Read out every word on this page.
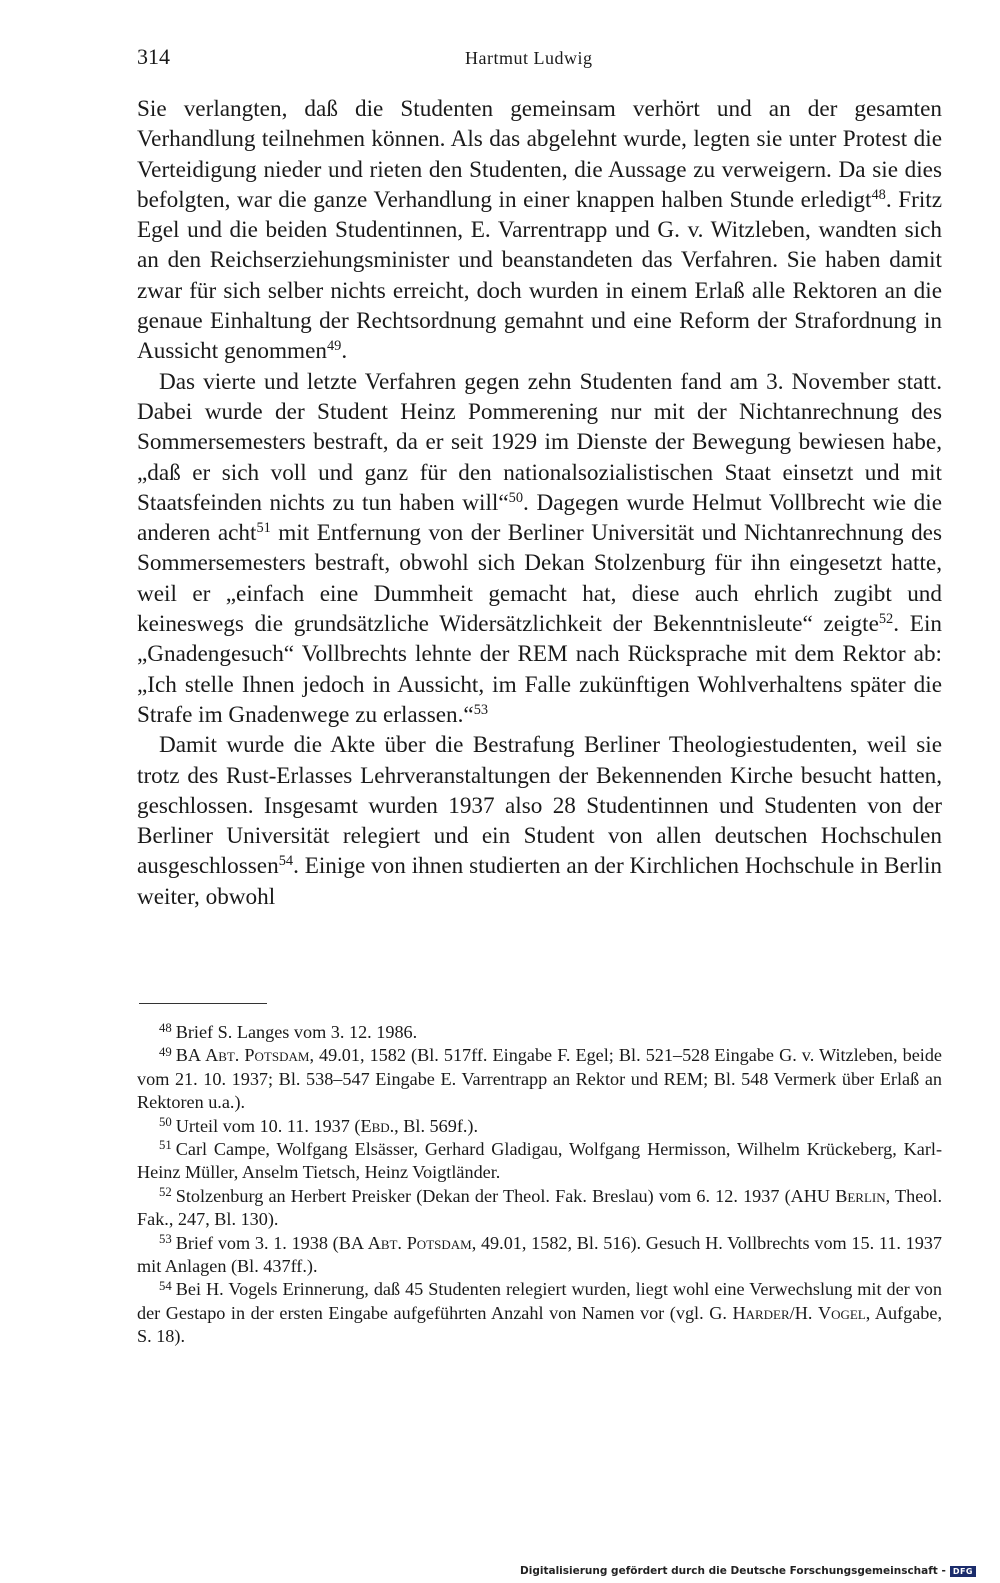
314	Hartmut Ludwig

Sie verlangten, daß die Studenten gemeinsam verhört und an der gesamten Verhandlung teilnehmen können. Als das abgelehnt wurde, legten sie unter Protest die Verteidigung nieder und rieten den Studenten, die Aussage zu verweigern. Da sie dies befolgten, war die ganze Verhandlung in einer knappen halben Stunde erledigt$^{48}$. Fritz Egel und die beiden Studentinnen, E. Varrentrapp und G. v. Witzleben, wandten sich an den Reichserziehungsminister und beanstandeten das Verfahren. Sie haben damit zwar für sich selber nichts erreicht, doch wurden in einem Erlaß alle Rektoren an die genaue Einhaltung der Rechtsordnung gemahnt und eine Reform der Strafordnung in Aussicht genommen$^{49}$.

Das vierte und letzte Verfahren gegen zehn Studenten fand am 3. November statt. Dabei wurde der Student Heinz Pommerening nur mit der Nichtanrechnung des Sommersemesters bestraft, da er seit 1929 im Dienste der Bewegung bewiesen habe, „daß er sich voll und ganz für den nationalsozialistischen Staat einsetzt und mit Staatsfeinden nichts zu tun haben will“$^{50}$. Dagegen wurde Helmut Vollbrecht wie die anderen acht$^{51}$ mit Entfernung von der Berliner Universität und Nichtanrechnung des Sommersemesters bestraft, obwohl sich Dekan Stolzenburg für ihn eingesetzt hatte, weil er „einfach eine Dummheit gemacht hat, diese auch ehrlich zugibt und keineswegs die grundsätzliche Widersätzlichkeit der Bekenntnisleute“ zeigte$^{52}$. Ein „Gnadengesuch“ Vollbrechts lehnte der REM nach Rücksprache mit dem Rektor ab: „Ich stelle Ihnen jedoch in Aussicht, im Falle zukünftigen Wohlverhaltens später die Strafe im Gnadenwege zu erlassen.“$^{53}$

Damit wurde die Akte über die Bestrafung Berliner Theologiestudenten, weil sie trotz des Rust-Erlasses Lehrveranstaltungen der Bekennenden Kirche besucht hatten, geschlossen. Insgesamt wurden 1937 also 28 Studentinnen und Studenten von der Berliner Universität relegiert und ein Student von allen deutschen Hochschulen ausgeschlossen$^{54}$. Einige von ihnen studierten an der Kirchlichen Hochschule in Berlin weiter, obwohl

$^{48}$ Brief S. Langes vom 3. 12. 1986.

$^{49}$ BA Abt. Potsdam, 49.01, 1582 (Bl. 517ff. Eingabe F. Egel; Bl. 521–528 Eingabe G. v. Witzleben, beide vom 21. 10. 1937; Bl. 538–547 Eingabe E. Varrentrapp an Rektor und REM; Bl. 548 Vermerk über Erlaß an Rektoren u.a.).

$^{50}$ Urteil vom 10. 11. 1937 (Ebd., Bl. 569f.).

$^{51}$ Carl Campe, Wolfgang Elsässer, Gerhard Gladigau, Wolfgang Hermisson, Wilhelm Krückeberg, Karl-Heinz Müller, Anselm Tietsch, Heinz Voigtländer.

$^{52}$ Stolzenburg an Herbert Preisker (Dekan der Theol. Fak. Breslau) vom 6. 12. 1937 (AHU Berlin, Theol. Fak., 247, Bl. 130).

$^{53}$ Brief vom 3. 1. 1938 (BA Abt. Potsdam, 49.01, 1582, Bl. 516). Gesuch H. Vollbrechts vom 15. 11. 1937 mit Anlagen (Bl. 437ff.).

$^{54}$ Bei H. Vogels Erinnerung, daß 45 Studenten relegiert wurden, liegt wohl eine Verwechslung mit der von der Gestapo in der ersten Eingabe aufgeführten Anzahl von Namen vor (vgl. G. Harder/H. Vogel, Aufgabe, S. 18).

Digitalisierung gefördert durch die Deutsche Forschungsgemeinschaft - DFG
